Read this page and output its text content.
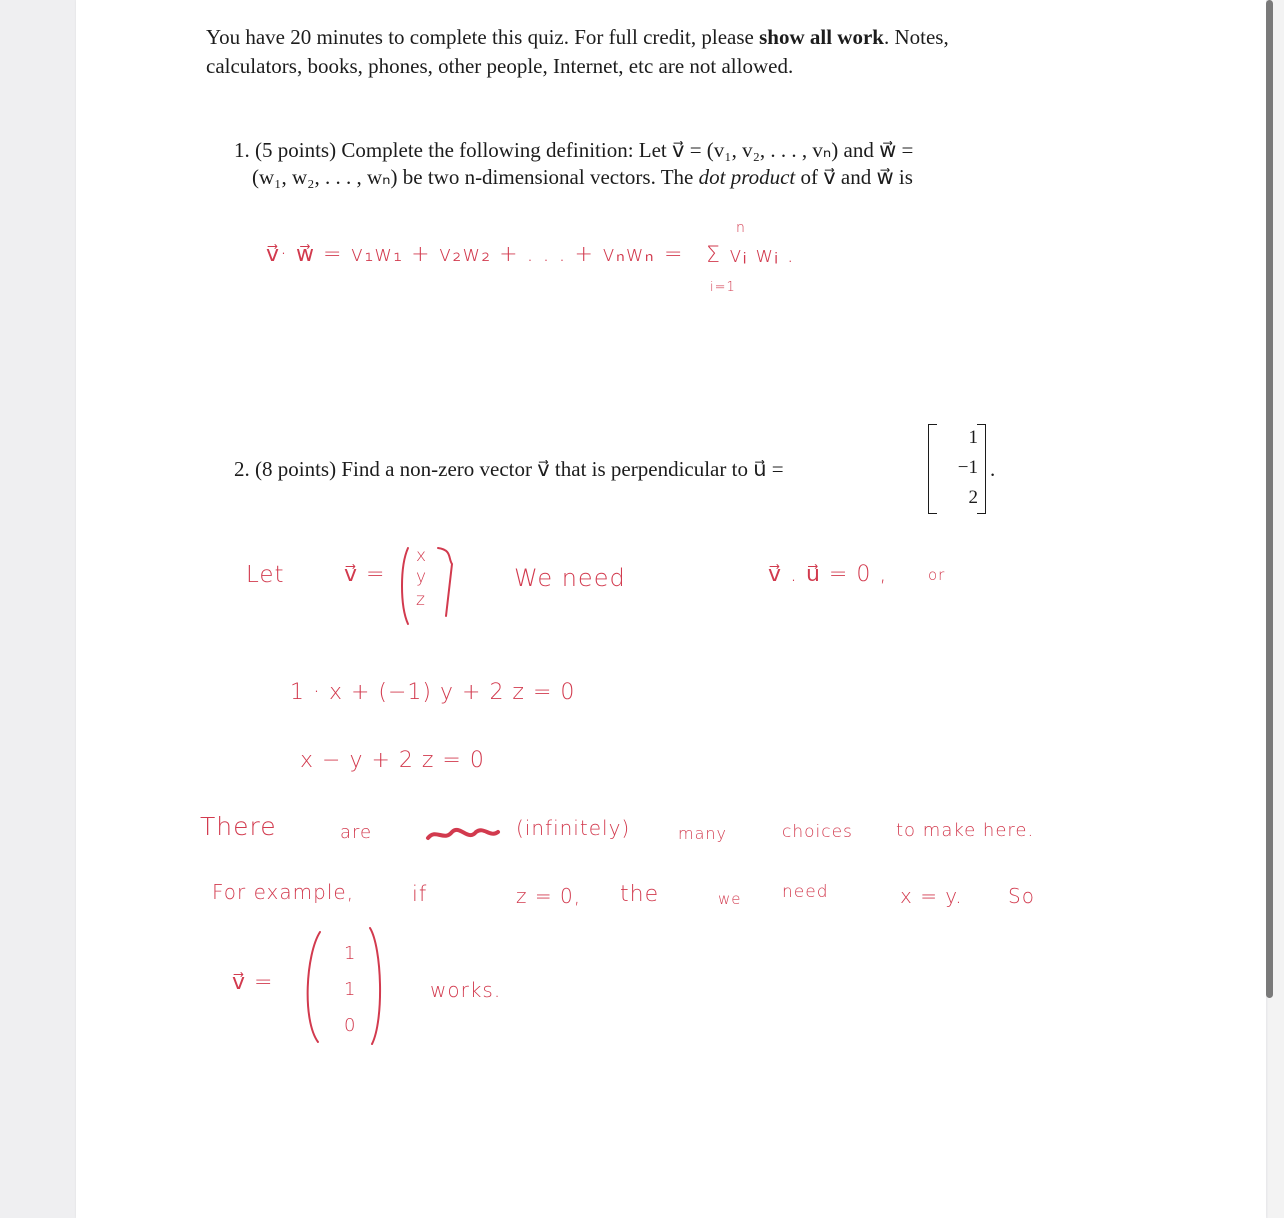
You have 20 minutes to complete this quiz. For full credit, please show all work. Notes,
calculators, books, phones, other people, Internet, etc are not allowed.
1. (5 points) Complete the following definition: Let v⃗ = (v₁, v₂, . . . , vₙ) and w⃗ =
(w₁, w₂, . . . , wₙ) be two n-dimensional vectors. The dot product of v⃗ and w⃗ is
v⃗· w⃗ = v₁w₁ + v₂w₂ + . . . + vₙwₙ =
n
Σ vᵢ wᵢ .
i=1
2. (8 points) Find a non-zero vector v⃗ that is perpendicular to u⃗ =
1
−1
2
.
Let	v⃗ =
x
y
z
We need	v⃗ . u⃗ = 0 ,	or
1 · x + (−1) y + 2 z = 0
x − y + 2 z = 0
There	are	(infinitely)	many	choices to make here.
For example,	if	z = 0, the	we need	x = y. So
v⃗ =
1
1
0
works.
